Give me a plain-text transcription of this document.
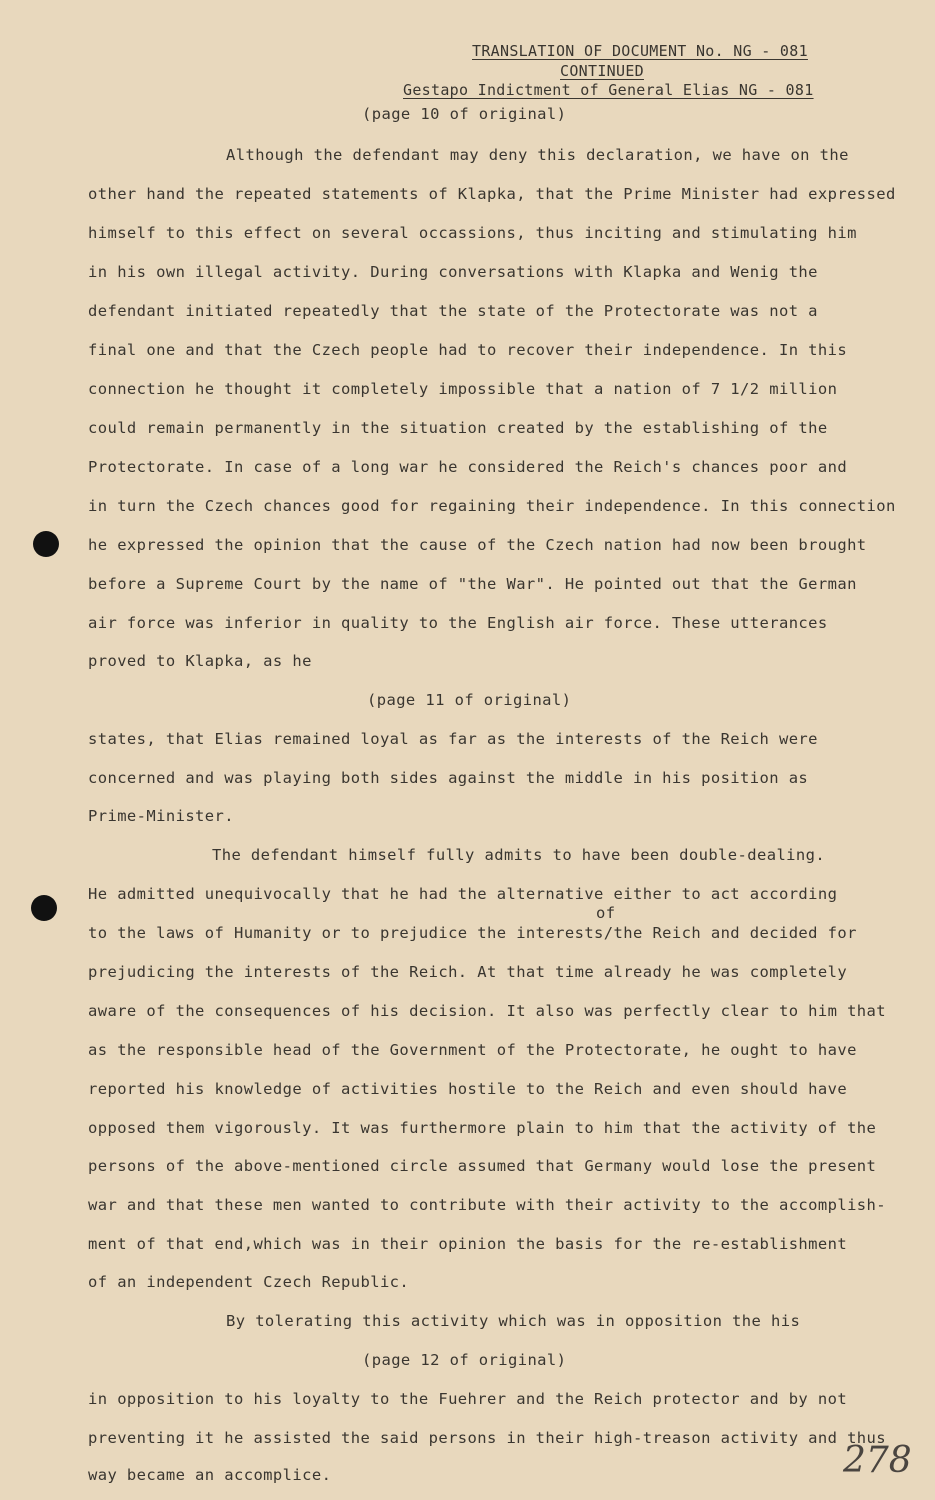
TRANSLATION OF DOCUMENT No. NG - 081
CONTINUED
Gestapo Indictment of General Elias NG - 081
(page 10 of original)
Although the defendant may deny this declaration, we have on the
other hand the repeated statements of Klapka, that the Prime Minister had expressed
himself to this effect on several occassions, thus inciting and stimulating him
in his own illegal activity. During conversations with Klapka and Wenig the
defendant initiated repeatedly that the state of the Protectorate was not a
final one and that the Czech people had to recover their independence. In this
connection he thought it completely impossible that a nation of 7 1/2 million
could remain permanently in the situation created by the establishing of the
Protectorate. In case of a long war he considered the Reich's chances poor and
in turn the Czech chances good for regaining their independence. In this connection
he expressed the opinion that the cause of the Czech nation had now been brought
before a Supreme Court by the name of "the War". He pointed out that the German
air force was inferior in quality to the English air force. These utterances
proved to Klapka, as he
(page 11 of original)
states, that Elias remained loyal as far as the interests of the Reich were
concerned and was playing both sides against the middle in his position as
Prime-Minister.
The defendant himself fully admits to have been double-dealing.
He admitted unequivocally that he had the alternative either to act according
of
to the laws of Humanity or to prejudice the interests/the Reich and decided for
prejudicing the interests of the Reich. At that time already he was completely
aware of the consequences of his decision. It also was perfectly clear to him that
as the responsible head of the Government of the Protectorate, he ought to have
reported his knowledge of activities hostile to the Reich and even should have
opposed them vigorously. It was furthermore plain to him that the activity of the
persons of the above-mentioned circle assumed that Germany would lose the present
war and that these men wanted to contribute with their activity to the accomplish-
ment of that end,which was in their opinion the basis for the re-establishment
of an independent Czech Republic.
By tolerating this activity which was in opposition the his
(page 12 of original)
in opposition to his loyalty to the Fuehrer and the Reich protector and by not
preventing it he assisted the said persons in their high-treason activity and thus
way became an accomplice.	278
